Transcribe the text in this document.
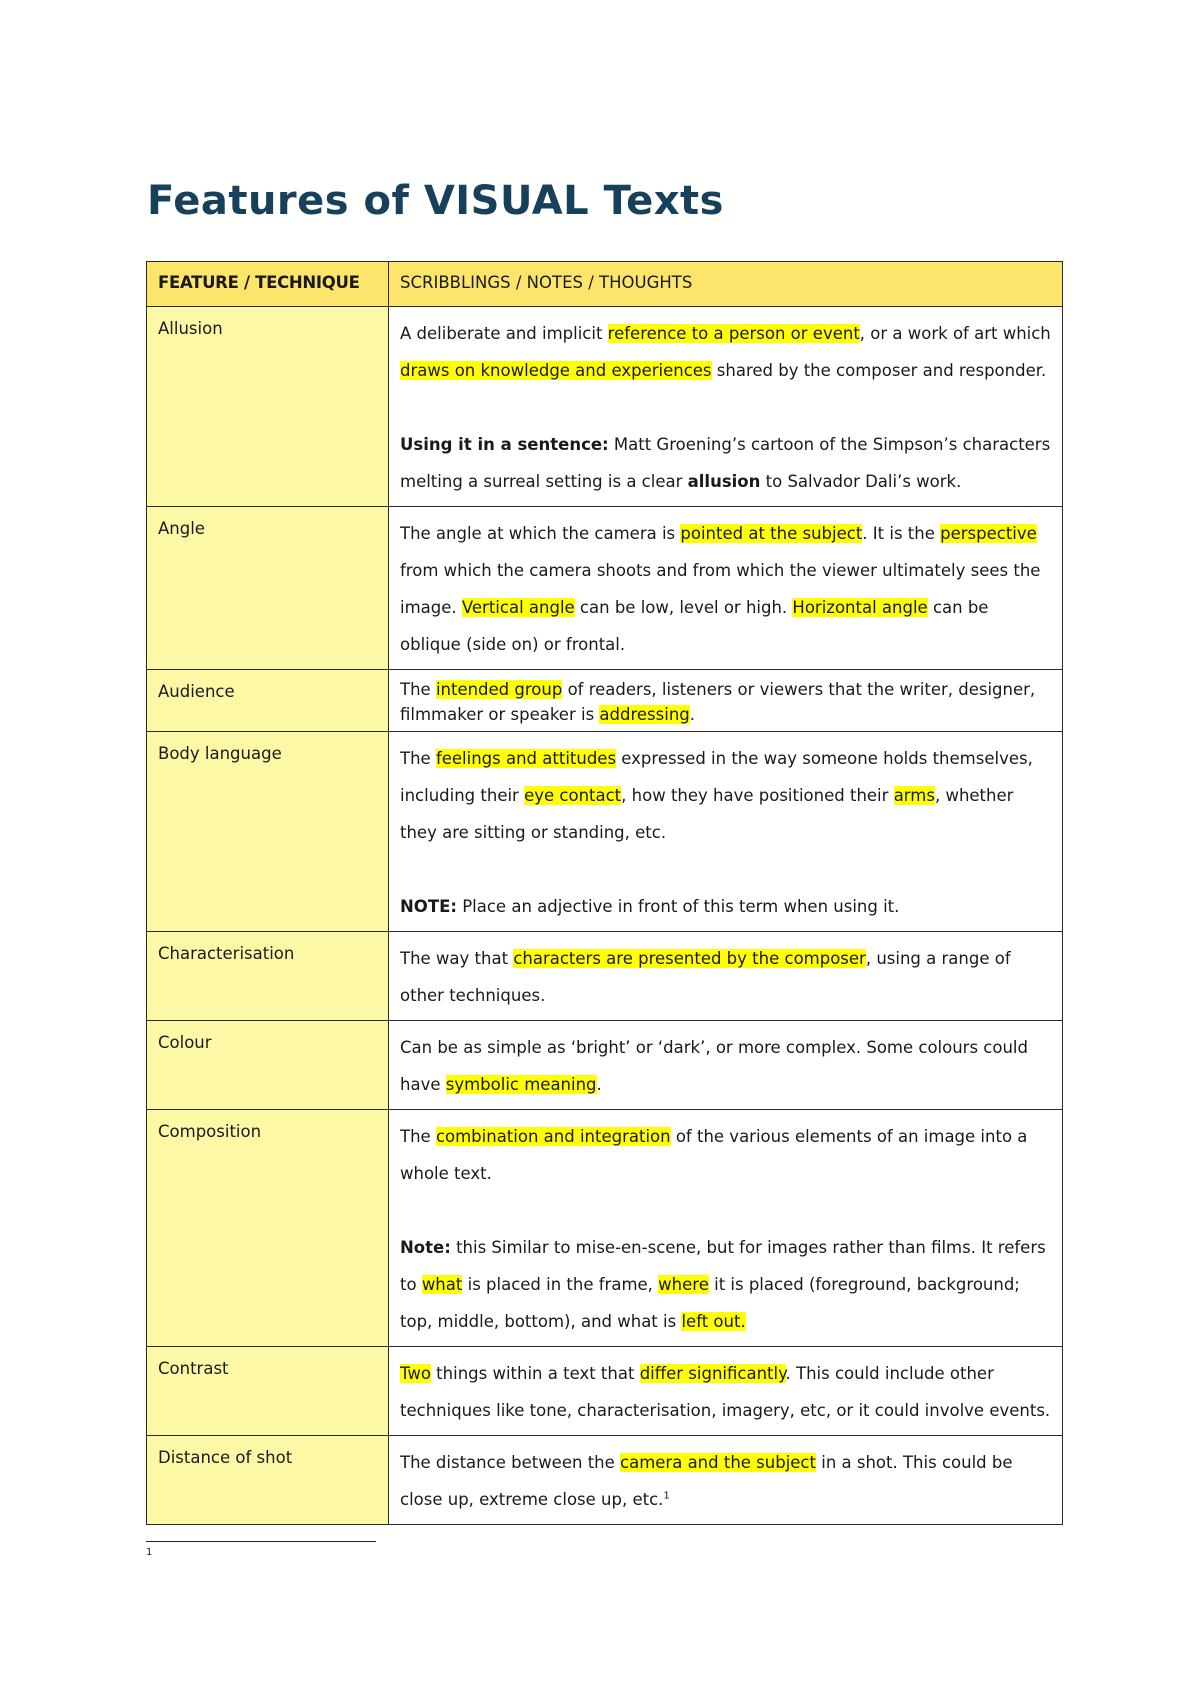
Features of VISUAL Texts
FEATURE / TECHNIQUE	SCRIBBLINGS / NOTES / THOUGHTS
Allusion	A deliberate and implicit reference to a person or event, or a work of art which draws on knowledge and experiences shared by the composer and responder.
Using it in a sentence: Matt Groening’s cartoon of the Simpson’s characters melting a surreal setting is a clear allusion to Salvador Dali’s work.

Angle	The angle at which the camera is pointed at the subject. It is the perspective from which the camera shoots and from which the viewer ultimately sees the image. Vertical angle can be low, level or high. Horizontal angle can be oblique (side on) or frontal.

Audience	The intended group of readers, listeners or viewers that the writer, designer, filmmaker or speaker is addressing.

Body language	The feelings and attitudes expressed in the way someone holds themselves, including their eye contact, how they have positioned their arms, whether they are sitting or standing, etc.
NOTE: Place an adjective in front of this term when using it.

Characterisation	The way that characters are presented by the composer, using a range of other techniques.

Colour	Can be as simple as ‘bright’ or ‘dark’, or more complex. Some colours could have symbolic meaning.

Composition	The combination and integration of the various elements of an image into a whole text.
Note: this Similar to mise-en-scene, but for images rather than films. It refers to what is placed in the frame, where it is placed (foreground, background; top, middle, bottom), and what is left out.

Contrast	Two things within a text that differ significantly. This could include other techniques like tone, characterisation, imagery, etc, or it could involve events.

Distance of shot	The distance between the camera and the subject in a shot. This could be close up, extreme close up, etc.$^1$
1
